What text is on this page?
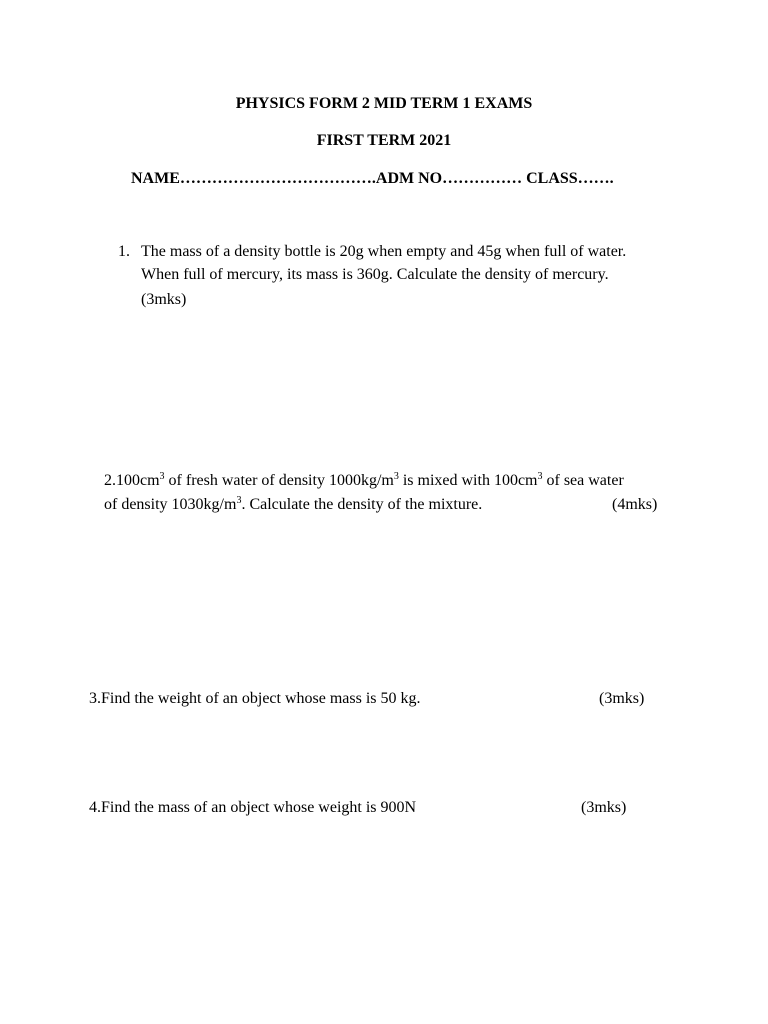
PHYSICS FORM 2 MID TERM 1 EXAMS
FIRST TERM 2021
NAME……………………………….ADM NO…………… CLASS…….
1. The mass of a density bottle is 20g when empty and 45g when full of water.
When full of mercury, its mass is 360g. Calculate the density of mercury.
(3mks)
$2.100cm^3$ of fresh water of density $1000kg/m^3$ is mixed with $100cm^3$ of sea water
of density $1030kg/m^3$. Calculate the density of the mixture.	(4mks)
3.Find the weight of an object whose mass is 50 kg.	(3mks)
4.Find the mass of an object whose weight is 900N	(3mks)
